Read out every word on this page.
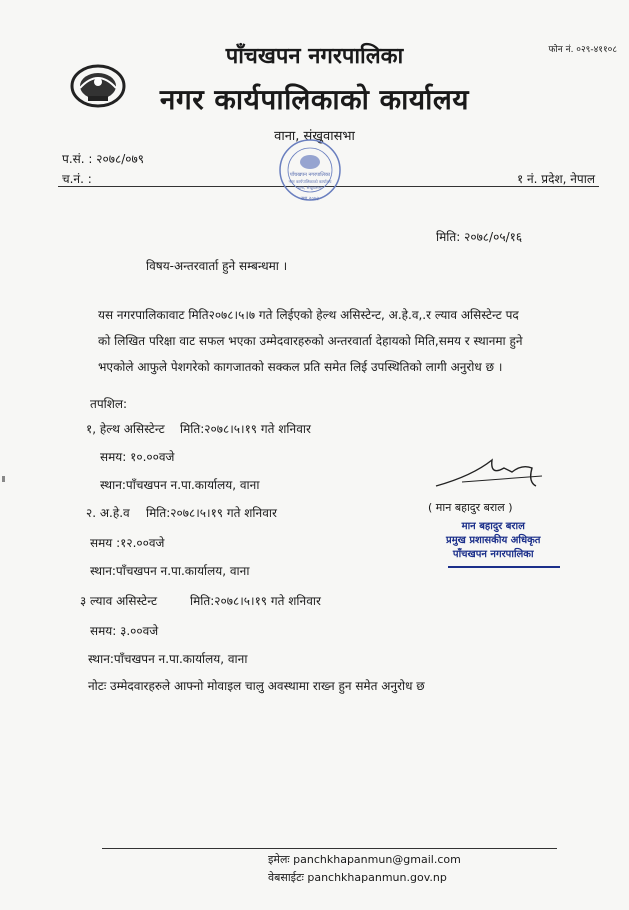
पाँचखपन नगरपालिका
नगर कार्यपालिकाको कार्यालय
वाना, संखुवासभा
फोन नं. ०२९-४११०८
प.सं. : २०७८/०७९
च.नं. :	१ नं. प्रदेश, नेपाल
पाँचखपन नगरपालिका
नगर कार्यपालिकाको कार्यालय
वाना, संखुवासभा
स्था २०७३
मिति: २०७८/०५/१६
विषय-अन्तरवार्ता हुने सम्बन्धमा ।
यस नगरपालिकावाट मिति२०७८।५।७ गते लिईएको हेल्थ असिस्टेन्ट, अ.हे.व,.र ल्याव असिस्टेन्ट पद
को लिखित परिक्षा वाट सफल भएका उम्मेदवारहरुको अन्तरवार्ता देहायको मिति,समय र स्थानमा हुने
भएकोले आफुले पेशगरेको कागजातको सक्कल प्रति समेत लिई उपस्थितिको लागी अनुरोध छ ।
तपशिल:
१, हेल्थ असिस्टेन्ट मिति:२०७८।५।१९ गते शनिवार
समय: १०.००वजे
स्थान:पाँचखपन न.पा.कार्यालय, वाना
२. अ.हे.व मिति:२०७८।५।१९ गते शनिवार
समय :१२.००वजे
स्थान:पाँचखपन न.पा.कार्यालय, वाना
३ ल्याव असिस्टेन्ट	मिति:२०७८।५।१९ गते शनिवार
समय: ३.००वजे
स्थान:पाँचखपन न.पा.कार्यालय, वाना
नोटः उम्मेदवारहरुले आफ्नो मोवाइल चालु अवस्थामा राख्न हुन समेत अनुरोध छ
( मान बहादुर बराल )
मान बहादुर बराल
प्रमुख प्रशासकीय अधिकृत
पाँचखपन नगरपालिका
इमेलः panchkhapanmun@gmail.com
वेबसाईटः panchkhapanmun.gov.np
